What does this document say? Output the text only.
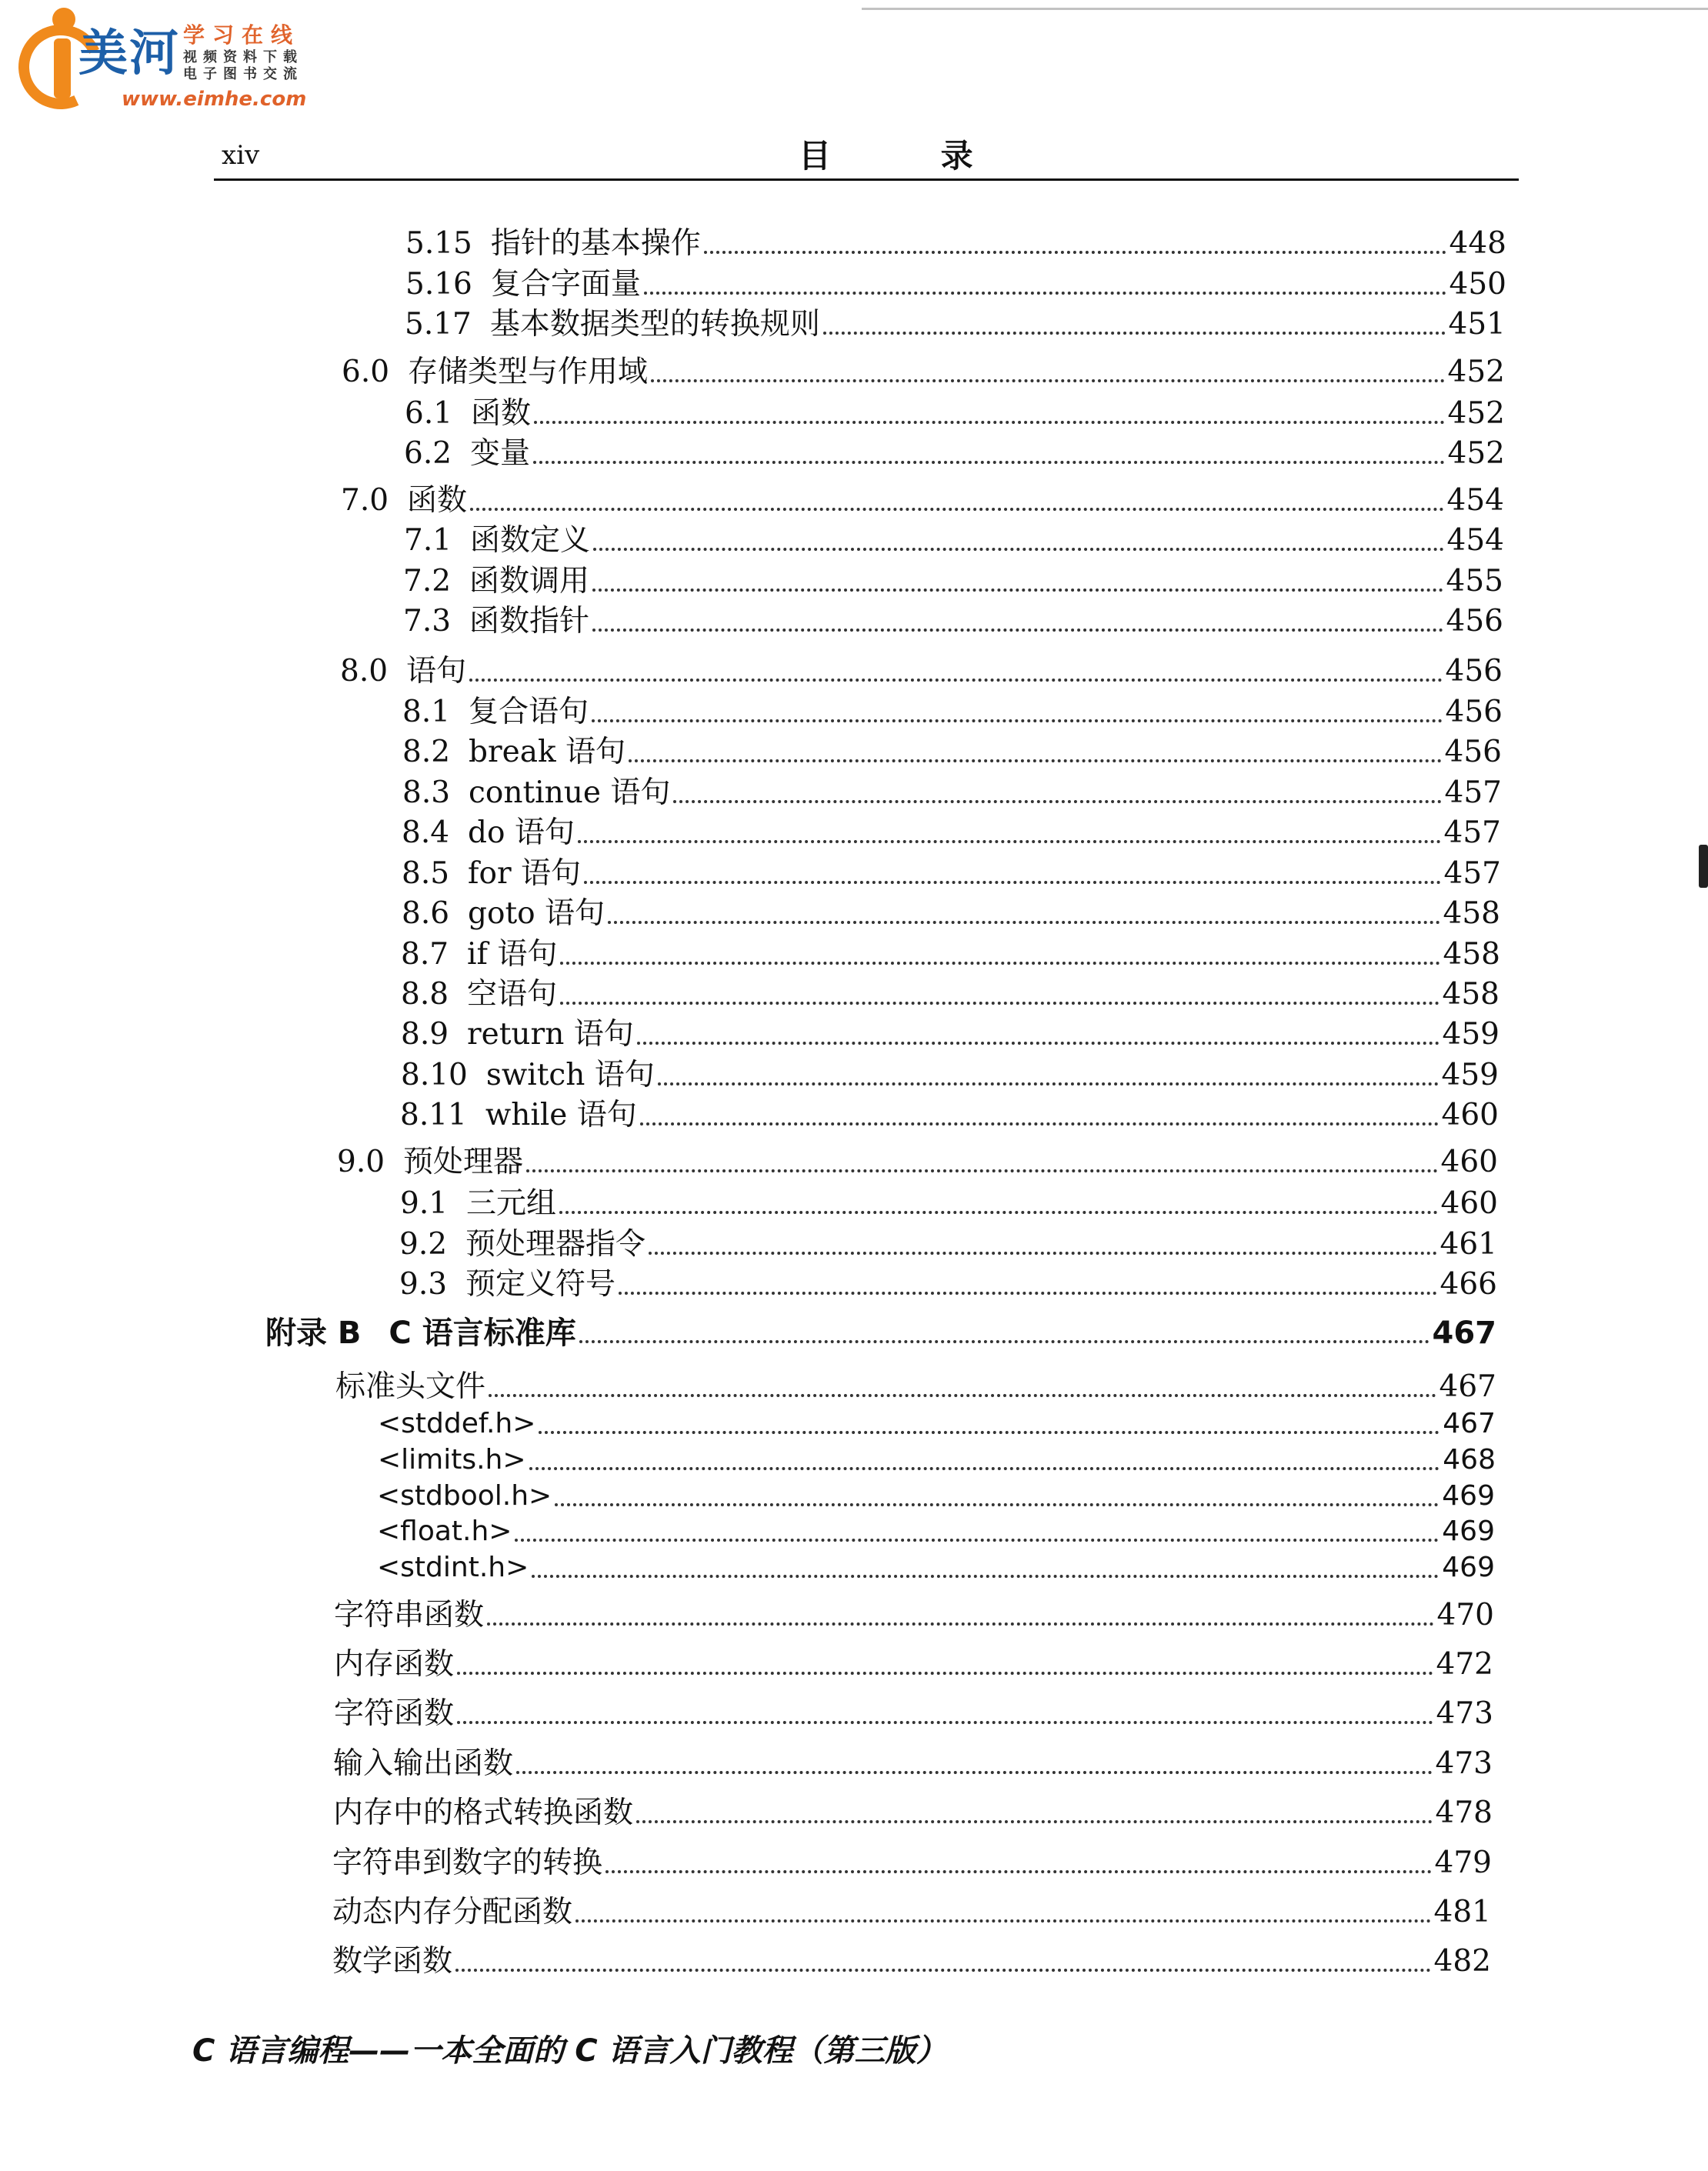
美河 学习在线
视频资料下载
电子图书交流
www.eimhe.com
xiv	目 录
5.15 指针的基本操作	448
5.16 复合字面量	450
5.17 基本数据类型的转换规则	451
6.0 存储类型与作用域	452
6.1 函数	452
6.2 变量	452
7.0 函数	454
7.1 函数定义	454
7.2 函数调用	455
7.3 函数指针	456
8.0 语句	456
8.1 复合语句	456
8.2 break 语句	456
8.3 continue 语句	457
8.4 do 语句	457
8.5 for 语句	457
8.6 goto 语句	458
8.7 if 语句	458
8.8 空语句	458
8.9 return 语句	459
8.10 switch 语句	459
8.11 while 语句	460
9.0 预处理器	460
9.1 三元组	460
9.2 预处理器指令	461
9.3 预定义符号	466
附录 B C 语言标准库	467
标准头文件	467
<stddef.h>	467
<limits.h>	468
<stdbool.h>	469
<float.h>	469
<stdint.h>	469
字符串函数	470
内存函数	472
字符函数	473
输入输出函数	473
内存中的格式转换函数	478
字符串到数字的转换	479
动态内存分配函数	481
数学函数	482
C 语言编程——一本全面的 C 语言入门教程（第三版）
